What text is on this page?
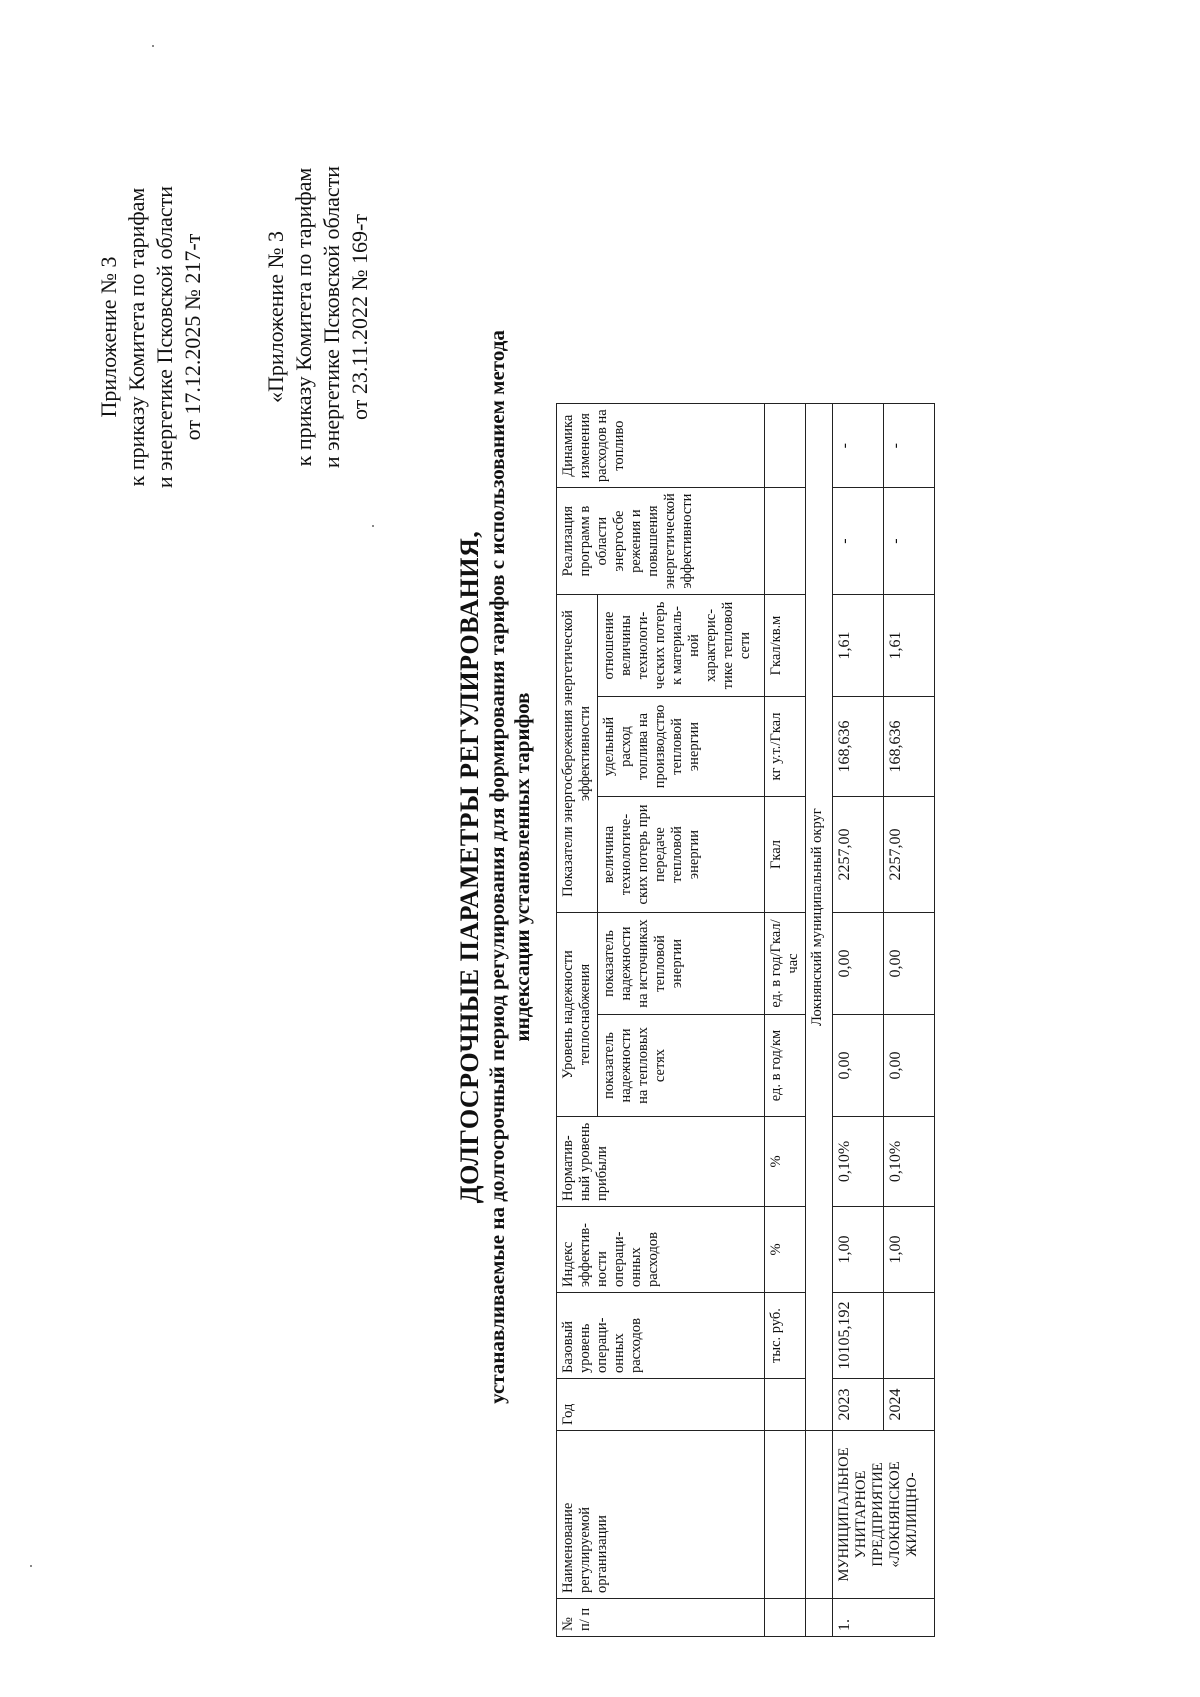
Приложение № 3 к приказу Комитета по тарифам и энергетике Псковской области от 17.12.2025 № 217-т	«Приложение № 3 к приказу Комитета по тарифам и энергетике Псковской области от 23.11.2022 № 169-т
ДОЛГОСРОЧНЫЕ ПАРАМЕТРЫ РЕГУЛИРОВАНИЯ, устанавливаемые на долгосрочный период регулирования для формирования тарифов с использованием метода индексации установленных тарифов
№ п/ п	Наименование регулируемой организации	Год	Базовый уровень операци-онных расходов	Индекс эффектив-ности операци-онных расходов	Норматив-ный уровень прибыли	Уровень надежности теплоснабжения		Показатели энергосбережения энергетической эффективности			Реализация программ в области энергосбе режения и повышения энергетической эффективности	Динамика изменения расходов на топливо
						показатель надежности на тепловых сетях	показатель надежности на источниках тепловой энергии	величина технологиче-ских потерь при передаче тепловой энергии	удельный расход топлива на производство тепловой энергии	отношение величины технологи-ческих потерь к материаль-ной характерис-тике тепловой сети		
			тыс. руб.	%	%	ед. в год/км	ед. в год/Гкал/ час	Гкал	кг у.т./Гкал	Гкал/кв.м		
		Локнянский муниципальный округ										
1.	МУНИЦИПАЛЬНОЕ УНИТАРНОЕ ПРЕДПРИЯТИЕ «ЛОКНЯНСКОЕ ЖИЛИЩНО-	2023	10105,192	1,00	0,10%	0,00	0,00	2257,00	168,636	1,61	-	-
		2024		1,00	0,10%	0,00	0,00	2257,00	168,636	1,61	-	-
